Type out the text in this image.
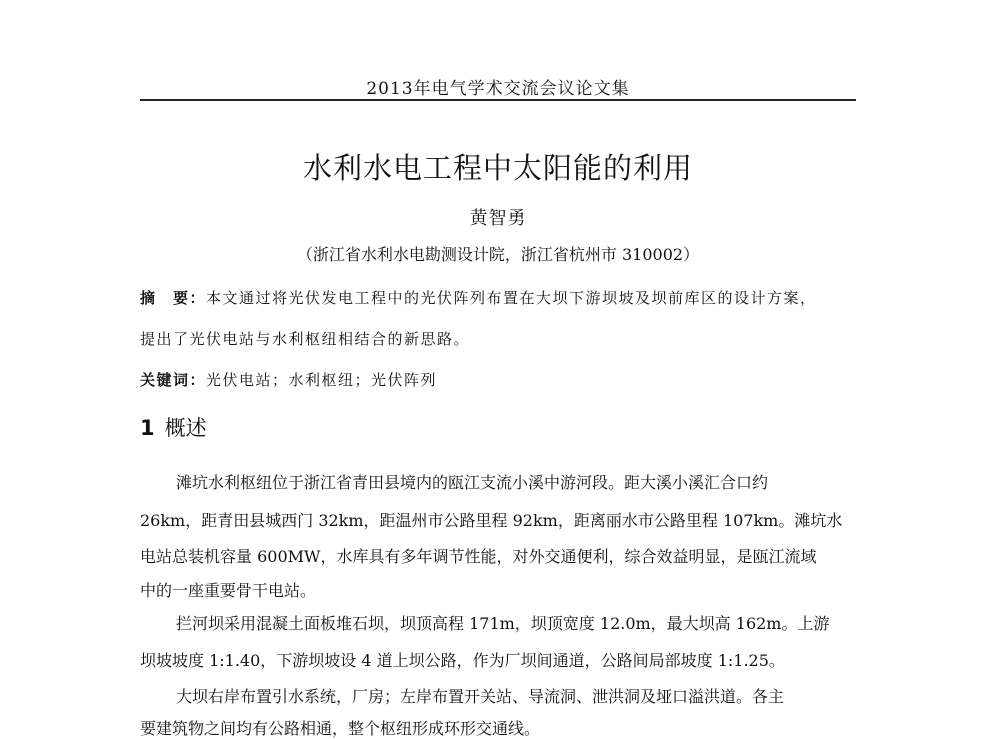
2013年电气学术交流会议论文集
水利水电工程中太阳能的利用
黄智勇
（浙江省水利水电勘测设计院，浙江省杭州市 310002）
摘　要：本文通过将光伏发电工程中的光伏阵列布置在大坝下游坝坡及坝前库区的设计方案，
提出了光伏电站与水利枢纽相结合的新思路。
关键词：光伏电站；水利枢纽；光伏阵列
1 概述
滩坑水利枢纽位于浙江省青田县境内的瓯江支流小溪中游河段。距大溪小溪汇合口约
26km，距青田县城西门 32km，距温州市公路里程 92km，距离丽水市公路里程 107km。滩坑水
电站总装机容量 600MW，水库具有多年调节性能，对外交通便利，综合效益明显，是瓯江流域
中的一座重要骨干电站。
拦河坝采用混凝土面板堆石坝，坝顶高程 171m，坝顶宽度 12.0m，最大坝高 162m。上游
坝坡坡度 1:1.40，下游坝坡设 4 道上坝公路，作为厂坝间通道，公路间局部坡度 1:1.25。
大坝右岸布置引水系统，厂房；左岸布置开关站、导流洞、泄洪洞及垭口溢洪道。各主
要建筑物之间均有公路相通，整个枢纽形成环形交通线。
